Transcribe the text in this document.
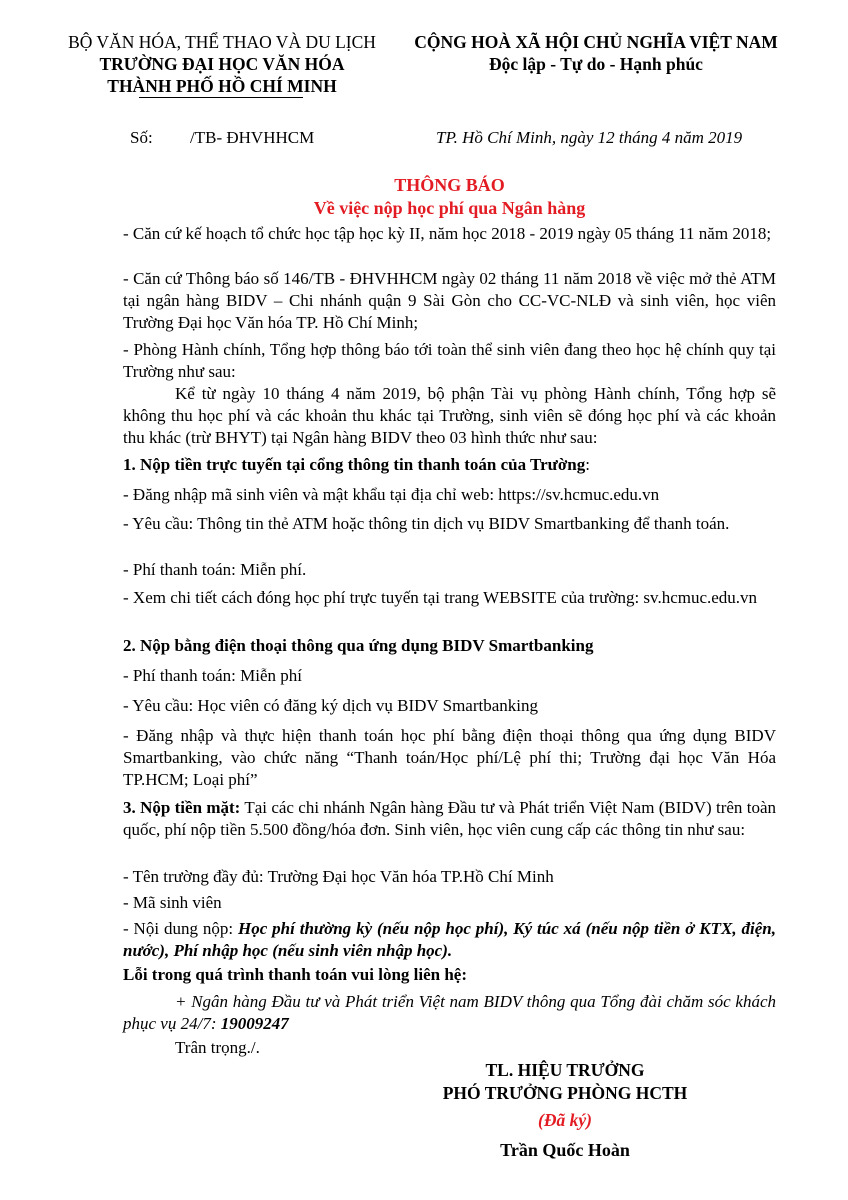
BỘ VĂN HÓA, THỂ THAO VÀ DU LỊCH
TRƯỜNG ĐẠI HỌC VĂN HÓA
THÀNH PHỐ HỒ CHÍ MINH
CỘNG HOÀ XÃ HỘI CHỦ NGHĨA VIỆT NAM
Độc lập - Tự do - Hạnh phúc
Số: /TB- ĐHVHHCM	TP. Hồ Chí Minh, ngày 12 tháng 4 năm 2019
THÔNG BÁO
Về việc nộp học phí qua Ngân hàng
- Căn cứ kế hoạch tổ chức học tập học kỳ II, năm học 2018 - 2019 ngày 05 tháng 11 năm 2018;
- Căn cứ Thông báo số 146/TB - ĐHVHHCM ngày 02 tháng 11 năm 2018 về việc mở thẻ ATM tại ngân hàng BIDV – Chi nhánh quận 9 Sài Gòn cho CC-VC-NLĐ và sinh viên, học viên Trường Đại học Văn hóa TP. Hồ Chí Minh;
- Phòng Hành chính, Tổng hợp thông báo tới toàn thể sinh viên đang theo học hệ chính quy tại Trường như sau:
Kể từ ngày 10 tháng 4 năm 2019, bộ phận Tài vụ phòng Hành chính, Tổng hợp sẽ không thu học phí và các khoản thu khác tại Trường, sinh viên sẽ đóng học phí và các khoản thu khác (trừ BHYT) tại Ngân hàng BIDV theo 03 hình thức như sau:
1. Nộp tiền trực tuyến tại cổng thông tin thanh toán của Trường:
- Đăng nhập mã sinh viên và mật khẩu tại địa chỉ web: https://sv.hcmuc.edu.vn
- Yêu cầu: Thông tin thẻ ATM hoặc thông tin dịch vụ BIDV Smartbanking để thanh toán.
- Phí thanh toán: Miễn phí.
- Xem chi tiết cách đóng học phí trực tuyến tại trang WEBSITE của trường: sv.hcmuc.edu.vn
2. Nộp bằng điện thoại thông qua ứng dụng BIDV Smartbanking
- Phí thanh toán: Miễn phí
- Yêu cầu: Học viên có đăng ký dịch vụ BIDV Smartbanking
- Đăng nhập và thực hiện thanh toán học phí bằng điện thoại thông qua ứng dụng BIDV Smartbanking, vào chức năng “Thanh toán/Học phí/Lệ phí thi; Trường đại học Văn Hóa TP.HCM; Loại phí”
3. Nộp tiền mặt: Tại các chi nhánh Ngân hàng Đầu tư và Phát triển Việt Nam (BIDV) trên toàn quốc, phí nộp tiền 5.500 đồng/hóa đơn. Sinh viên, học viên cung cấp các thông tin như sau:
- Tên trường đầy đủ: Trường Đại học Văn hóa TP.Hồ Chí Minh
- Mã sinh viên
- Nội dung nộp: Học phí thường kỳ (nếu nộp học phí), Ký túc xá (nếu nộp tiền ở KTX, điện, nước), Phí nhập học (nếu sinh viên nhập học).
Lỗi trong quá trình thanh toán vui lòng liên hệ:
+ Ngân hàng Đầu tư và Phát triển Việt nam BIDV thông qua Tổng đài chăm sóc khách phục vụ 24/7: 19009247
Trân trọng./.
TL. HIỆU TRƯỞNG
PHÓ TRƯỞNG PHÒNG HCTH
(Đã ký)
Trần Quốc Hoàn
